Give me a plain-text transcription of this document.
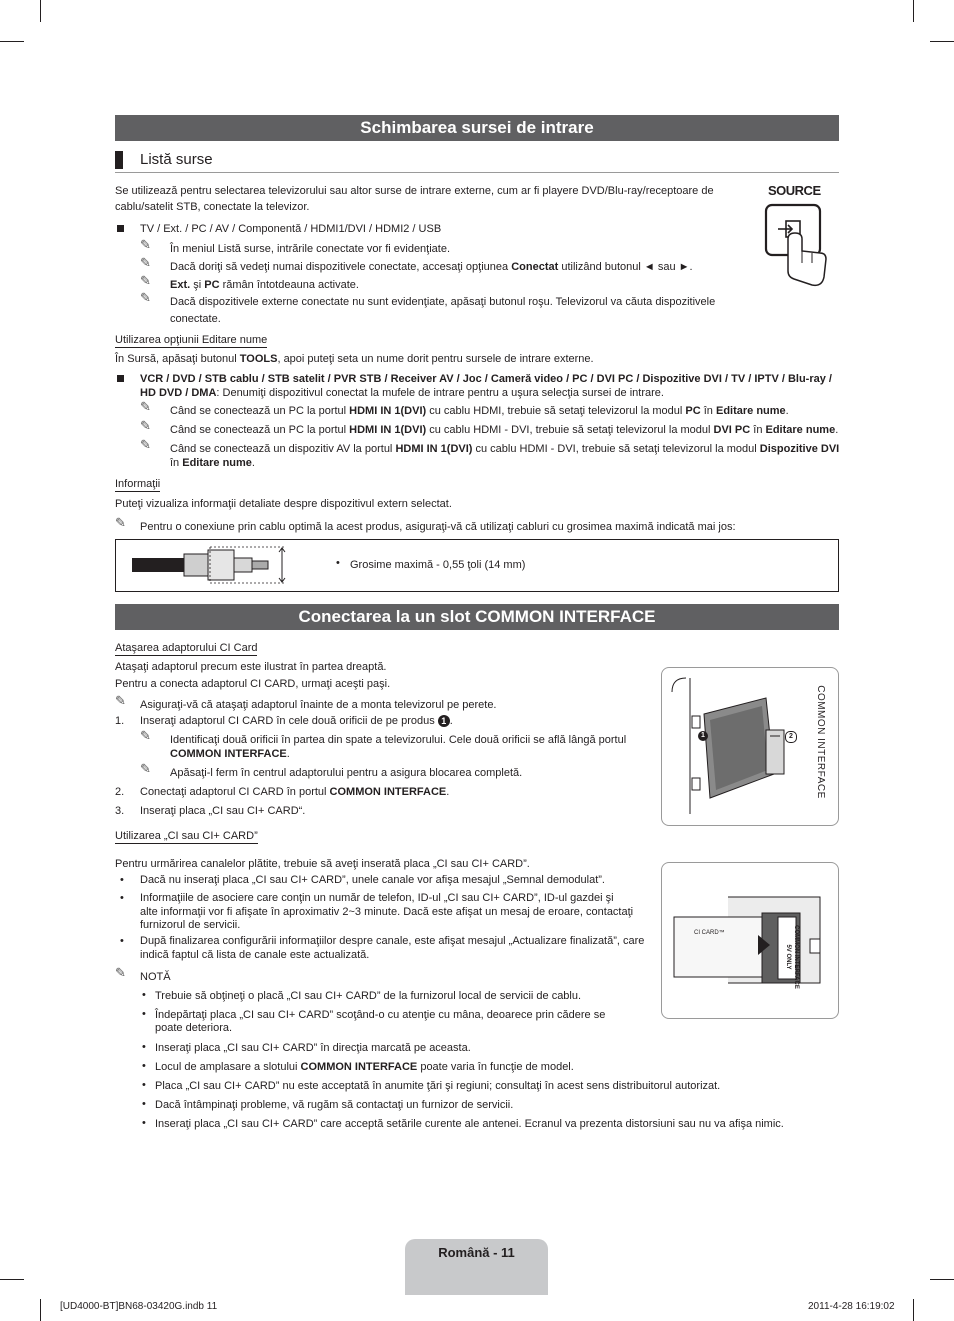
Schimbarea sursei de intrare
Listă surse
Se utilizează pentru selectarea televizorului sau altor surse de intrare externe, cum ar fi playere DVD/Blu-ray/receptoare de
cablu/satelit STB, conectate la televizor.
SOURCE
TV / Ext. / PC / AV / Componentă / HDMI1/DVI / HDMI2 / USB
✎ În meniul Listă surse, intrările conectate vor fi evidenţiate.
✎ Dacă doriţi să vedeţi numai dispozitivele conectate, accesaţi opţiunea Conectat utilizând butonul ◄ sau ►.
✎ Ext. şi PC rămân întotdeauna activate.
✎ Dacă dispozitivele externe conectate nu sunt evidenţiate, apăsaţi butonul roşu. Televizorul va căuta dispozitivele
conectate.
Utilizarea opţiunii Editare nume
În Sursă, apăsaţi butonul TOOLS, apoi puteţi seta un nume dorit pentru sursele de intrare externe.
VCR / DVD / STB cablu / STB satelit / PVR STB / Receiver AV / Joc / Cameră video / PC / DVI PC / Dispozitive DVI / TV / IPTV / Blu-ray /
HD DVD / DMA: Denumiţi dispozitivul conectat la mufele de intrare pentru a uşura selecţia sursei de intrare.
✎ Când se conectează un PC la portul HDMI IN 1(DVI) cu cablu HDMI, trebuie să setaţi televizorul la modul PC în Editare nume.
✎ Când se conectează un PC la portul HDMI IN 1(DVI) cu cablu HDMI - DVI, trebuie să setaţi televizorul la modul DVI PC în Editare nume.
✎ Când se conectează un dispozitiv AV la portul HDMI IN 1(DVI) cu cablu HDMI - DVI, trebuie să setaţi televizorul la modul Dispozitive DVI
în Editare nume.
Informaţii
Puteţi vizualiza informaţii detaliate despre dispozitivul extern selectat.
✎ Pentru o conexiune prin cablu optimă la acest produs, asiguraţi-vă că utilizaţi cabluri cu grosimea maximă indicată mai jos:
• Grosime maximă - 0,55 ţoli (14 mm)
Conectarea la un slot COMMON INTERFACE
Ataşarea adaptorului CI Card
Ataşaţi adaptorul precum este ilustrat în partea dreaptă.
Pentru a conecta adaptorul CI CARD, urmaţi aceşti paşi.
✎ Asiguraţi-vă că ataşaţi adaptorul înainte de a monta televizorul pe perete.
1. Inseraţi adaptorul CI CARD în cele două orificii de pe produs 1 .
✎ Identificaţi două orificii în partea din spate a televizorului. Cele două orificii se află lângă portul
COMMON INTERFACE.
✎ Apăsaţi-l ferm în centrul adaptorului pentru a asigura blocarea completă.
2. Conectaţi adaptorul CI CARD în portul COMMON INTERFACE.
3. Inseraţi placa „CI sau CI+ CARD“.
1	2	COMMON INTERFACE
Utilizarea „CI sau CI+ CARD”
Pentru urmărirea canalelor plătite, trebuie să aveţi inserată placa „CI sau CI+ CARD”.
• Dacă nu inseraţi placa „CI sau CI+ CARD”, unele canale vor afişa mesajul „Semnal demodulat”.
• Informaţiile de asociere care conţin un număr de telefon, ID-ul „CI sau CI+ CARD”, ID-ul gazdei şi
alte informaţii vor fi afişate în aproximativ 2~3 minute. Dacă este afişat un mesaj de eroare, contactaţi
furnizorul de servicii.
• După finalizarea configurării informaţiilor despre canale, este afişat mesajul „Actualizare finalizată”, care
indică faptul că lista de canale este actualizată.
CI CARD™	COMMON INTERFACE
5V ONLY
✎ NOTĂ
• Trebuie să obţineţi o placă „CI sau CI+ CARD” de la furnizorul local de servicii de cablu.
• Îndepărtaţi placa „CI sau CI+ CARD” scoţând-o cu atenţie cu mâna, deoarece prin cădere se
poate deteriora.
• Inseraţi placa „CI sau CI+ CARD” în direcţia marcată pe aceasta.
• Locul de amplasare a slotului COMMON INTERFACE poate varia în funcţie de model.
• Placa „CI sau CI+ CARD” nu este acceptată în anumite ţări şi regiuni; consultaţi în acest sens distribuitorul autorizat.
• Dacă întâmpinaţi probleme, vă rugăm să contactaţi un furnizor de servicii.
• Inseraţi placa „CI sau CI+ CARD” care acceptă setările curente ale antenei. Ecranul va prezenta distorsiuni sau nu va afişa nimic.
Română - 11
[UD4000-BT]BN68-03420G.indb 11	2011-4-28 16:19:02
